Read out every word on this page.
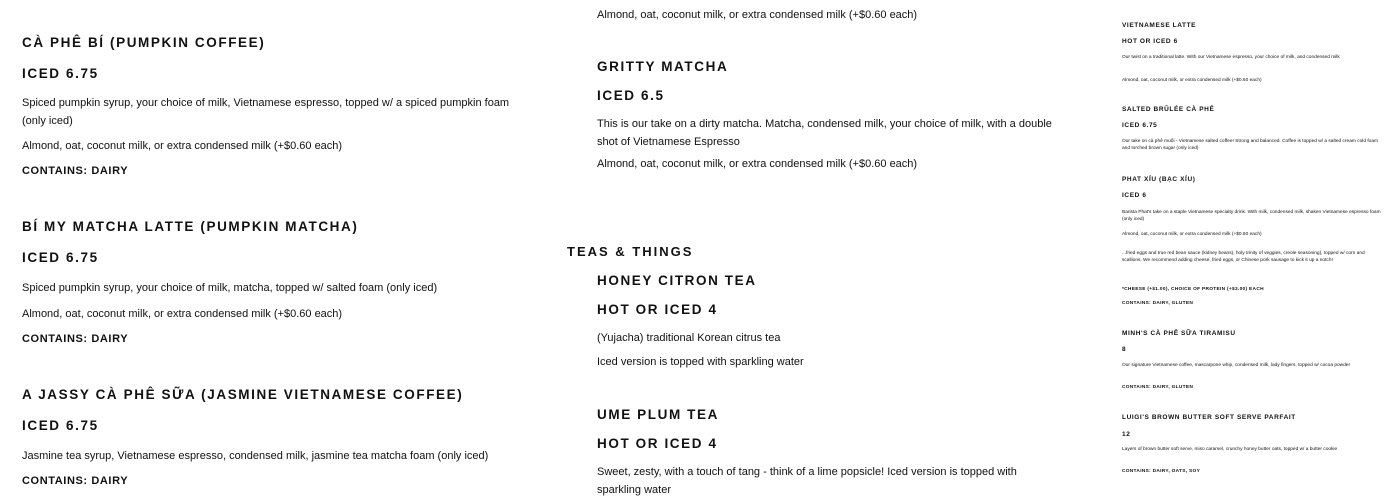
CÀ PHÊ BÍ (PUMPKIN COFFEE)
ICED 6.75
Spiced pumpkin syrup, your choice of milk, Vietnamese espresso, topped w/ a spiced pumpkin foam (only iced)
Almond, oat, coconut milk, or extra condensed milk (+$0.60 each)
CONTAINS: DAIRY
BÍ MY MATCHA LATTE (PUMPKIN MATCHA)
ICED 6.75
Spiced pumpkin syrup, your choice of milk, matcha, topped w/ salted foam (only iced)
Almond, oat, coconut milk, or extra condensed milk (+$0.60 each)
CONTAINS: DAIRY
A JASSY CÀ PHÊ SỮA (JASMINE VIETNAMESE COFFEE)
ICED 6.75
Jasmine tea syrup, Vietnamese espresso, condensed milk, jasmine tea matcha foam (only iced)
CONTAINS: DAIRY
Almond, oat, coconut milk, or extra condensed milk (+$0.60 each)
GRITTY MATCHA
ICED 6.5
This is our take on a dirty matcha. Matcha, condensed milk, your choice of milk, with a double shot of Vietnamese Espresso
Almond, oat, coconut milk, or extra condensed milk (+$0.60 each)
TEAS & THINGS
HONEY CITRON TEA
HOT OR ICED 4
(Yujacha) traditional Korean citrus tea
Iced version is topped with sparkling water
UME PLUM TEA
HOT OR ICED 4
Sweet, zesty, with a touch of tang - think of a lime popsicle! Iced version is topped with sparkling water
VIETNAMESE LATTE
HOT OR ICED 6
Our twist on a traditional latte. With our Vietnamese espresso, your choice of milk, and condensed milk
Almond, oat, coconut milk, or extra condensed milk (+$0.60 each)
SALTED BRÛLÉE CÀ PHÊ
ICED 6.75
Our take on cà phê muối - Vietnamese salted coffee! Strong and balanced. Coffee is topped w/ a salted cream cold foam and torched brown sugar (only iced)
PHAT XỈU (BẠC XỈU)
ICED 6
Barista Phat's take on a staple Vietnamese specialty drink. With milk, condensed milk, shaken Vietnamese espresso foam (only iced)
Almond, oat, coconut milk, or extra condensed milk (+$0.60 each)
...fried eggs and true red bean sauce (kidney beans), holy trinity of veggies, creole seasoning), topped w/ corn and scallions. We recommend adding cheese, fried eggs, or Chinese pork sausage to kick it up a notch!
*CHEESE (+$1.00), CHOICE OF PROTEIN (+$3.00) EACH
CONTAINS: DAIRY, GLUTEN
MINH'S CÀ PHÊ SỮA TIRAMISU
8
Our signature Vietnamese coffee, mascarpone whip, condensed milk, lady fingers, topped w/ cocoa powder
CONTAINS: DAIRY, GLUTEN
LUIGI'S BROWN BUTTER SOFT SERVE PARFAIT
12
Layers of brown butter soft serve, miso caramel, crunchy honey butter oats, topped w/ a butter cookie
CONTAINS: DAIRY, OATS, SOY
